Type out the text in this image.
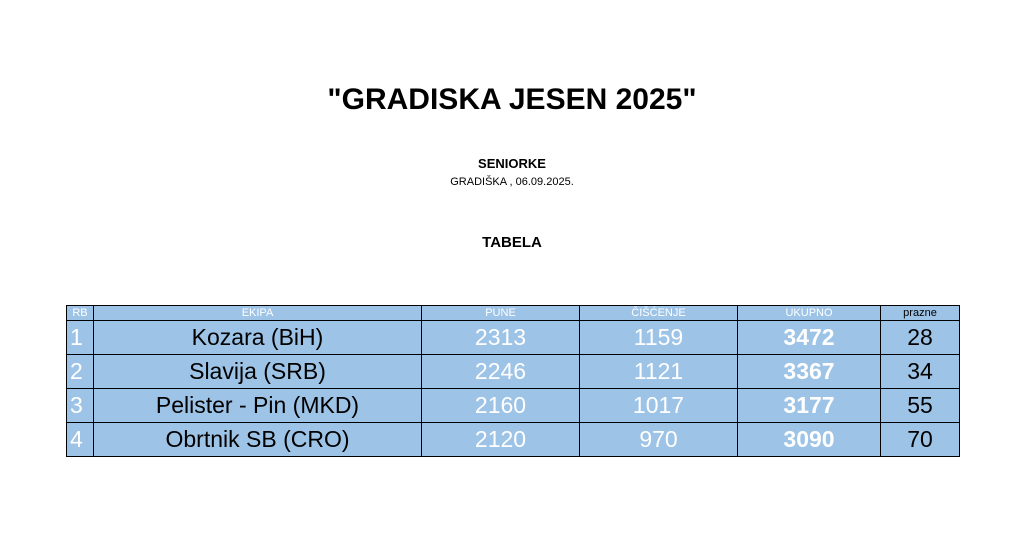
"GRADISKA JESEN 2025"
SENIORKE
GRADIŠKA , 06.09.2025.
TABELA
RB	EKIPA	PUNE	ČIŠĆENJE	UKUPNO	prazne
1	Kozara (BiH)	2313	1159	3472	28
2	Slavija (SRB)	2246	1121	3367	34
3	Pelister - Pin (MKD)	2160	1017	3177	55
4	Obrtnik SB (CRO)	2120	970	3090	70
